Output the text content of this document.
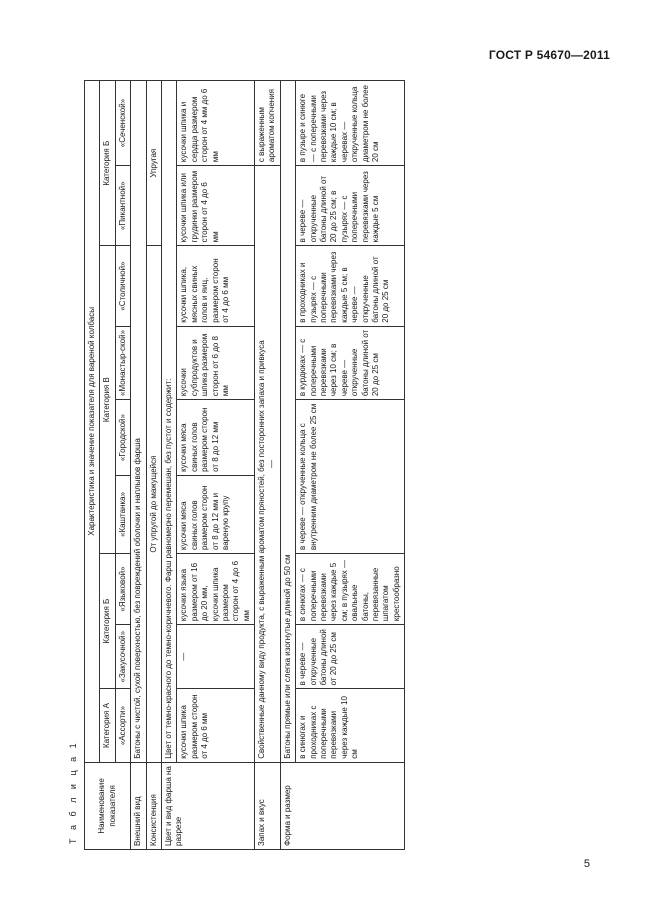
ГОСТ Р 54670—2011
Т а б л и ц а 1 Наименование показателя	Характеристика и значение показателя для вареной колбасы								
	Категория А	Категория Б		Категория В				Категория Б	
	«Ассорти»	«Закусочной»	«Языковой»	«Каштанка»	«Городской»	«Монастыр-ской»	«Столичной»	«Пикантной»	«Сеченской»
Внешний вид	Батоны с чистой, сухой поверхностью, без повреждений оболочки и наплывов фарша								
Консистенция	От упругой до мажущейся							Упругая	
Цвет и вид фарша на разрезе	Цвет от темно-красного до темно-коричневого. Фарш равномерно перемешан, без пустот и содержит:								
	кусочки шпика размером сторон от 4 до 6 мм	—	кусочки языка размером от 16 до 20 мм, кусочки шпика размером сторон от 4 до 6 мм	кусочки мяса свиных голов размером сторон от 8 до 12 мм и вареную крупу	кусочки мяса свиных голов размером сторон от 8 до 12 мм	кусочки субпродуктов и шпика размером сторон от 6 до 8 мм	кусочки шпика, мясных свиных голов и яиц, размером сторон от 4 до 6 мм	кусочки шпика или грудинки размером сторон от 4 до 6 мм	кусочки шпика и сердца размером сторон от 4 мм до 6 мм
Запах и вкус	Свойственные данному виду продукта, с выраженным ароматом пряностей, без посторонних запаха и привкуса —								с выраженным ароматом копчения
Форма и размер	Батоны прямые или слегка изогнутые длиной до 50 см								
	в синюгах и проходниках с поперечными перевязками через каждые 10 см	в череве — открученные батоны длиной от 20 до 25 см	в синюгах — с поперечными перевязками через каждые 5 см; в пузырях — овальные батоны, перевязанные шпагатом крестообразно	в череве — открученные кольца с внутренним диаметром не более 25 см		в курдюках — с поперечными перевязками через 10 см; в череве — открученные батоны длиной от 20 до 25 см	в проходниках и пузырях — с поперечными перевязками через каждые 5 см; в череве — открученные батоны длиной от 20 до 25 см	в череве — открученные батоны длиной от 20 до 25 см; в пузырях — с поперечными перевязками через каждые 5 см	в пузыре и синюге — с поперечными перевязками через каждые 10 см; в черевах — открученные кольца диаметром не более 20 см
5
